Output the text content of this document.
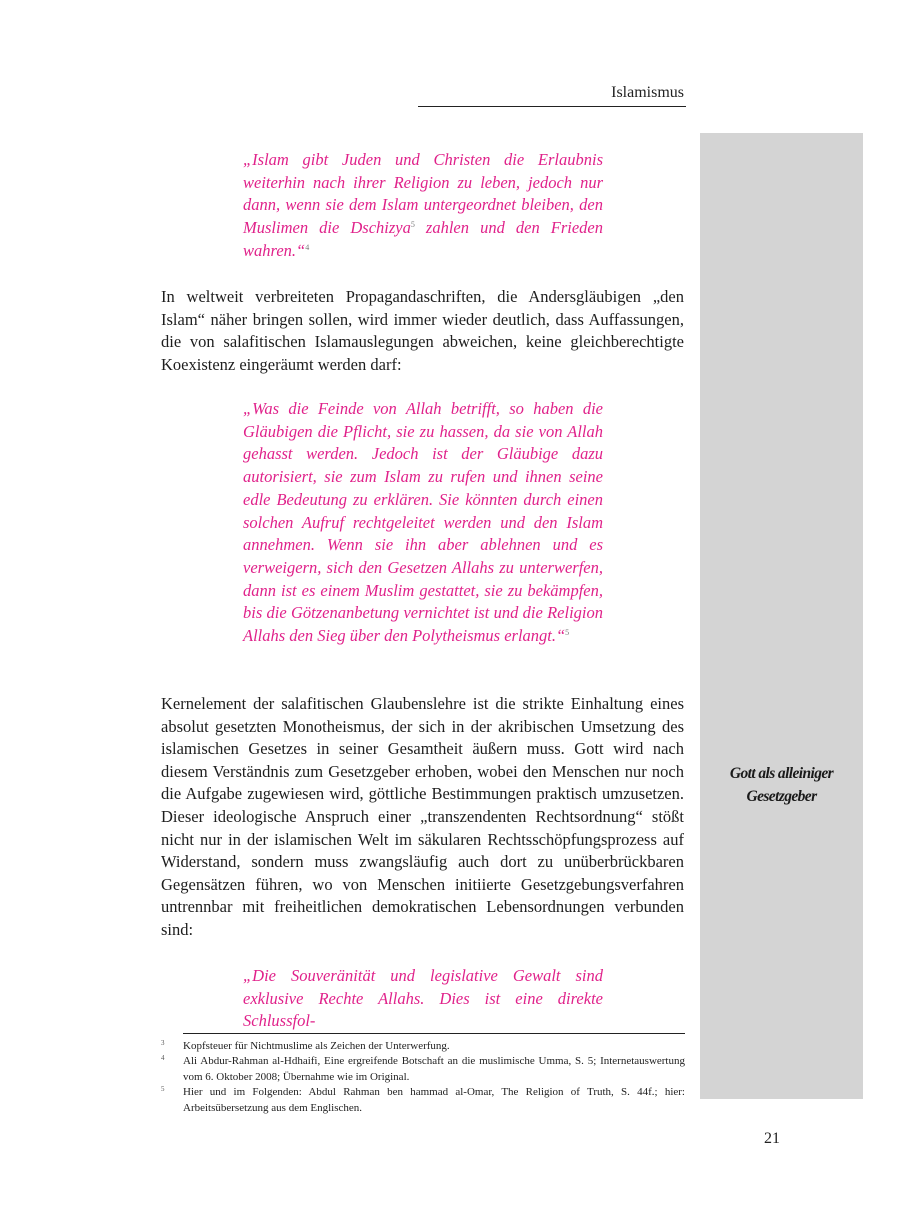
Islamismus
Gott als alleiniger Gesetzgeber

„Islam gibt Juden und Christen die Erlaubnis weiterhin nach ihrer Religion zu leben, jedoch nur dann, wenn sie dem Islam untergeordnet bleiben, den Muslimen die Dschizya$^5$ zahlen und den Frieden wahren.“$^4$

In weltweit verbreiteten Propagandaschriften, die Andersgläubigen „den Islam“ näher bringen sollen, wird immer wieder deutlich, dass Auffassungen, die von salafitischen Islamauslegungen abweichen, keine gleichberechtigte Koexistenz eingeräumt werden darf:

„Was die Feinde von Allah betrifft, so haben die Gläubigen die Pflicht, sie zu hassen, da sie von Allah gehasst werden. Jedoch ist der Gläubige dazu autorisiert, sie zum Islam zu rufen und ihnen seine edle Bedeutung zu erklären. Sie könnten durch einen solchen Aufruf rechtgeleitet werden und den Islam annehmen. Wenn sie ihn aber ablehnen und es verweigern, sich den Gesetzen Allahs zu unterwerfen, dann ist es einem Muslim gestattet, sie zu bekämpfen, bis die Götzenanbetung vernichtet ist und die Religion Allahs den Sieg über den Polytheismus erlangt.“$^5$

Kernelement der salafitischen Glaubenslehre ist die strikte Einhaltung eines absolut gesetzten Monotheismus, der sich in der akribischen Umsetzung des islamischen Gesetzes in seiner Gesamtheit äußern muss. Gott wird nach diesem Verständnis zum Gesetzgeber erhoben, wobei den Menschen nur noch die Aufgabe zugewiesen wird, göttliche Bestimmungen praktisch umzusetzen. Dieser ideologische Anspruch einer „transzendenten Rechtsordnung“ stößt nicht nur in der islamischen Welt im säkularen Rechtsschöpfungsprozess auf Widerstand, sondern muss zwangsläufig auch dort zu unüberbrückbaren Gegensätzen führen, wo von Menschen initiierte Gesetzgebungsverfahren untrennbar mit freiheitlichen demokratischen Lebensordnungen verbunden sind:

„Die Souveränität und legislative Gewalt sind exklusive Rechte Allahs. Dies ist eine direkte Schlussfol-

3 Kopfsteuer für Nichtmuslime als Zeichen der Unterwerfung.
4 Ali Abdur-Rahman al-Hdhaifi, Eine ergreifende Botschaft an die muslimische Umma, S. 5; Internetauswertung vom 6. Oktober 2008; Übernahme wie im Original.
5 Hier und im Folgenden: Abdul Rahman ben hammad al-Omar, The Religion of Truth, S. 44f.; hier: Arbeitsübersetzung aus dem Englischen.
21
